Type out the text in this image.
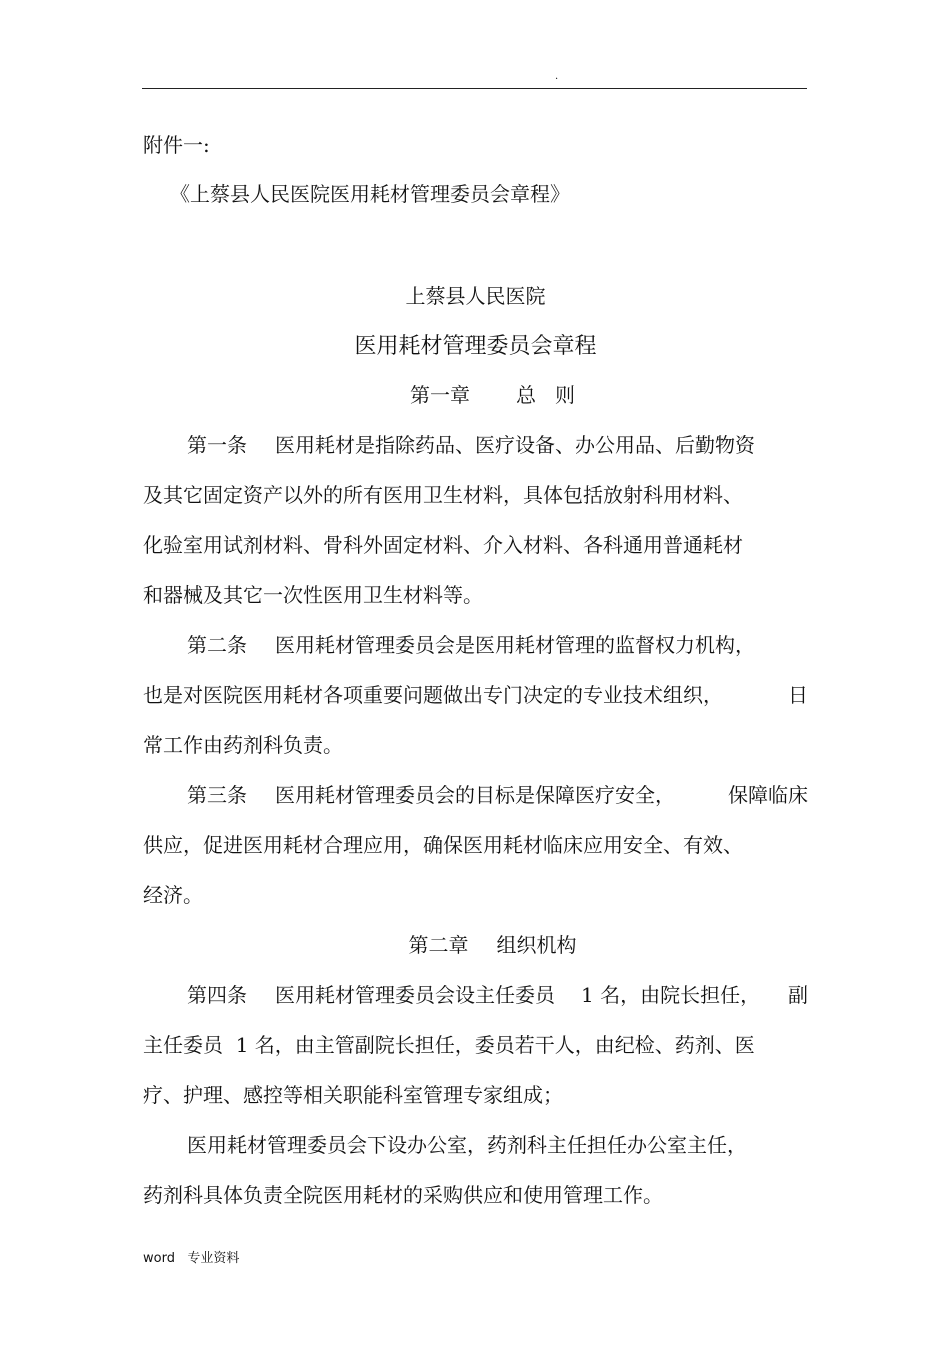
.
附件一:
《上蔡县人民医院医用耗材管理委员会章程》
上蔡县人民医院
医用耗材管理委员会章程
第一章 总   则
第一条 医用耗材是指除药品、医疗设备、办公用品、后勤物资
及其它固定资产以外的所有医用卫生材料，具体包括放射科用材料、
化验室用试剂材料、骨科外固定材料、介入材料、各科通用普通耗材
和器械及其它一次性医用卫生材料等。
第二条 医用耗材管理委员会是医用耗材管理的监督权力机构，
也是对医院医用耗材各项重要问题做出专门决定的专业技术组织，	日
常工作由药剂科负责。
第三条 医用耗材管理委员会的目标是保障医疗安全，	保障临床
供应，促进医用耗材合理应用，确保医用耗材临床应用安全、有效、
经济。
第二章 组织机构
第四条 医用耗材管理委员会设主任委员 1 名，由院长担任， 副
主任委员  1 名，由主管副院长担任，委员若干人，由纪检、药剂、医
疗、护理、感控等相关职能科室管理专家组成；
医用耗材管理委员会下设办公室，药剂科主任担任办公室主任，
药剂科具体负责全院医用耗材的采购供应和使用管理工作。
word   专业资料
